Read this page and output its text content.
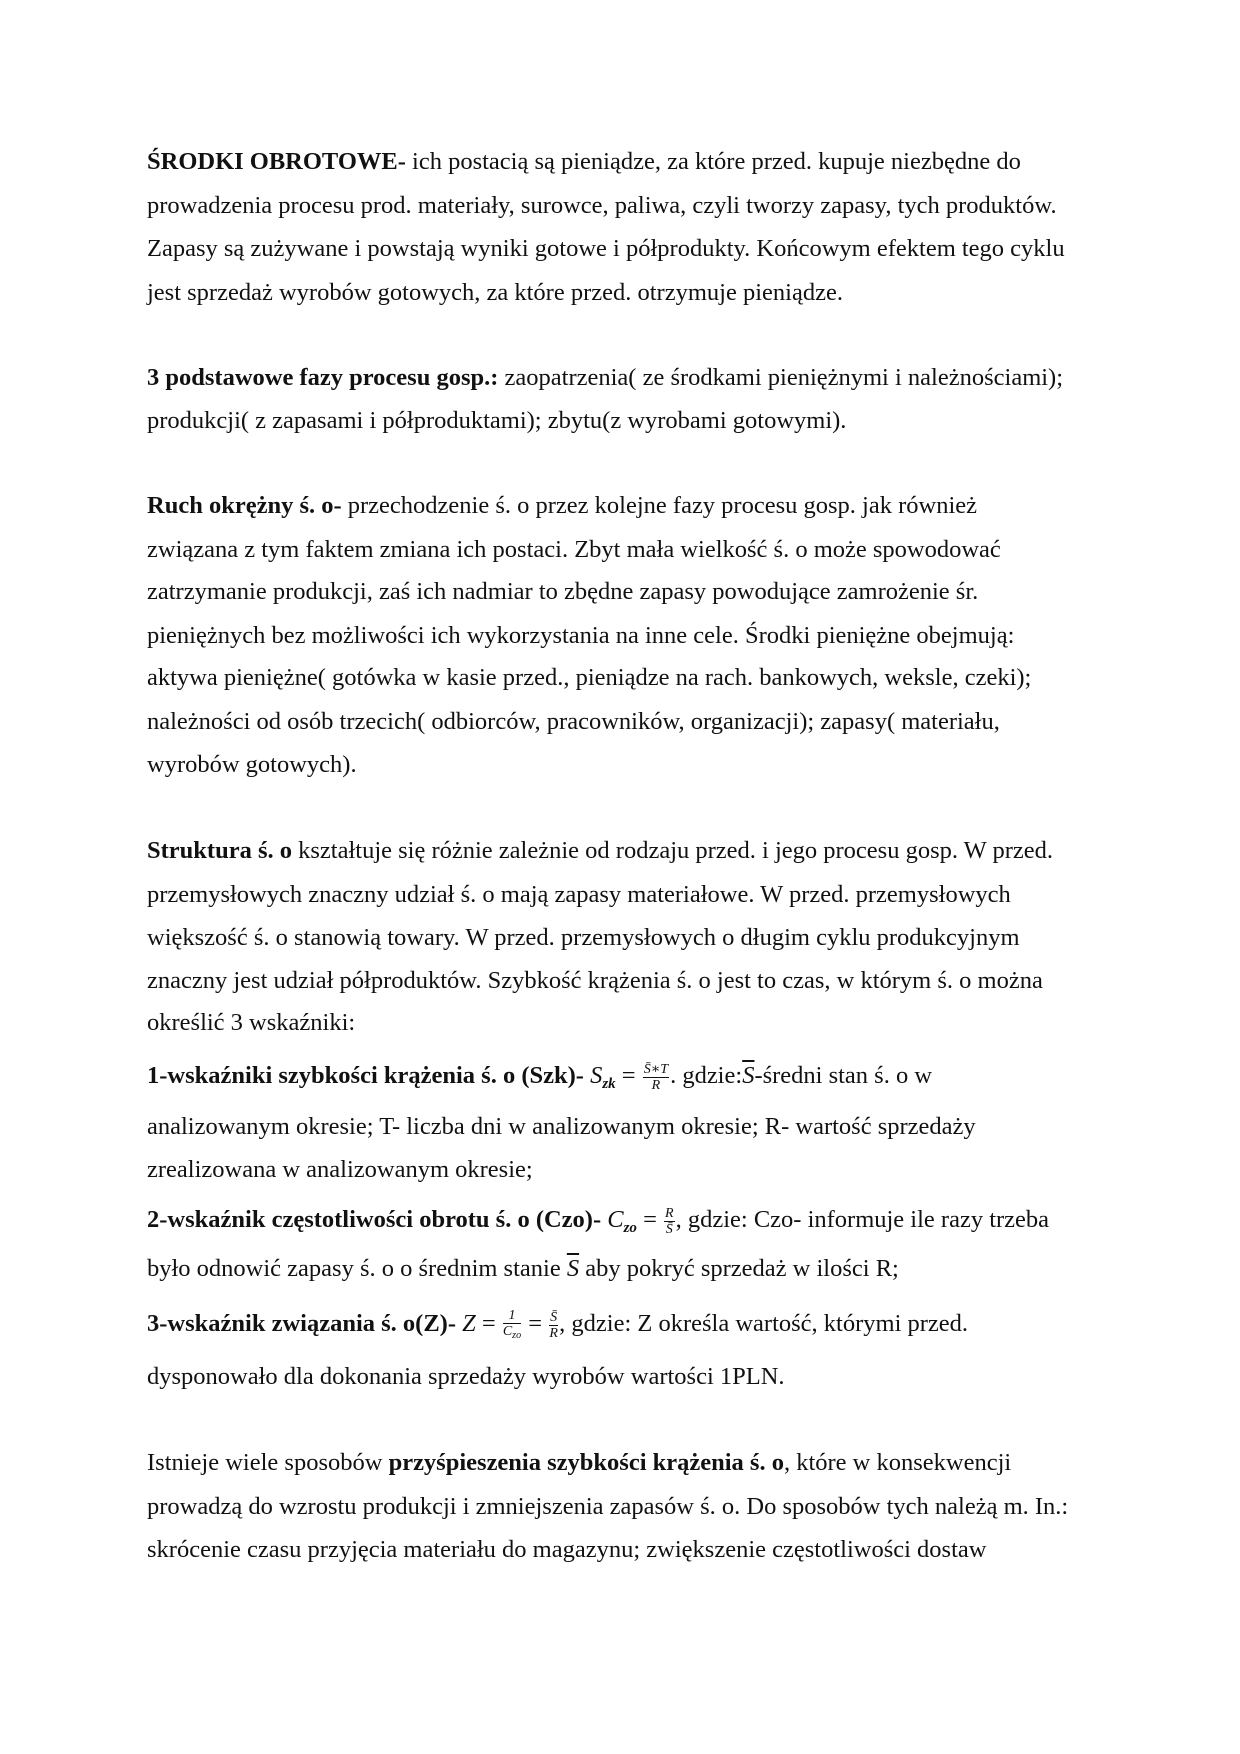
ŚRODKI OBROTOWE- ich postacią są pieniądze, za które przed. kupuje niezbędne do
prowadzenia procesu prod. materiały, surowce, paliwa, czyli tworzy zapasy, tych produktów.
Zapasy są zużywane i powstają wyniki gotowe i półprodukty. Końcowym efektem tego cyklu
jest sprzedaż wyrobów gotowych, za które przed. otrzymuje pieniądze.
3 podstawowe fazy procesu gosp.: zaopatrzenia( ze środkami pieniężnymi i należnościami);
produkcji( z zapasami i półproduktami); zbytu(z wyrobami gotowymi).
Ruch okrężny ś. o- przechodzenie ś. o przez kolejne fazy procesu gosp. jak również
związana z tym faktem zmiana ich postaci. Zbyt mała wielkość ś. o może spowodować
zatrzymanie produkcji, zaś ich nadmiar to zbędne zapasy powodujące zamrożenie śr.
pieniężnych bez możliwości ich wykorzystania na inne cele. Środki pieniężne obejmują:
aktywa pieniężne( gotówka w kasie przed., pieniądze na rach. bankowych, weksle, czeki);
należności od osób trzecich( odbiorców, pracowników, organizacji); zapasy( materiału,
wyrobów gotowych).
Struktura ś. o kształtuje się różnie zależnie od rodzaju przed. i jego procesu gosp. W przed.
przemysłowych znaczny udział ś. o mają zapasy materiałowe. W przed. przemysłowych
większość ś. o stanowią towary. W przed. przemysłowych o długim cyklu produkcyjnym
znaczny jest udział półproduktów. Szybkość krążenia ś. o jest to czas, w którym ś. o można
określić 3 wskaźniki:
1-wskaźniki szybkości krążenia ś. o (Szk)- $S_{zk} = \frac{S̄∗T}{R}$ . $gdzie:\overline{S}$-średni stan ś. o w
analizowanym okresie; T- liczba dni w analizowanym okresie; R- wartość sprzedaży
zrealizowana w analizowanym okresie;
2-wskaźnik częstotliwości obrotu ś. o (Czo)- $C_{zo} = \frac{R}{S̄}$ , gdzie: Czo- informuje ile razy trzeba
było odnowić zapasy ś. o o średnim stanie $\overline{S}$ aby pokryć sprzedaż w ilości R;
3-wskaźnik związania ś. o(Z)- $Z = \frac{1}{C_{zo}} = \frac{S̄}{R}$ , gdzie: Z określa wartość, którymi przed.
dysponowało dla dokonania sprzedaży wyrobów wartości 1PLN.
Istnieje wiele sposobów przyśpieszenia szybkości krążenia ś. o, które w konsekwencji
prowadzą do wzrostu produkcji i zmniejszenia zapasów ś. o. Do sposobów tych należą m. In.:
skrócenie czasu przyjęcia materiału do magazynu; zwiększenie częstotliwości dostaw
